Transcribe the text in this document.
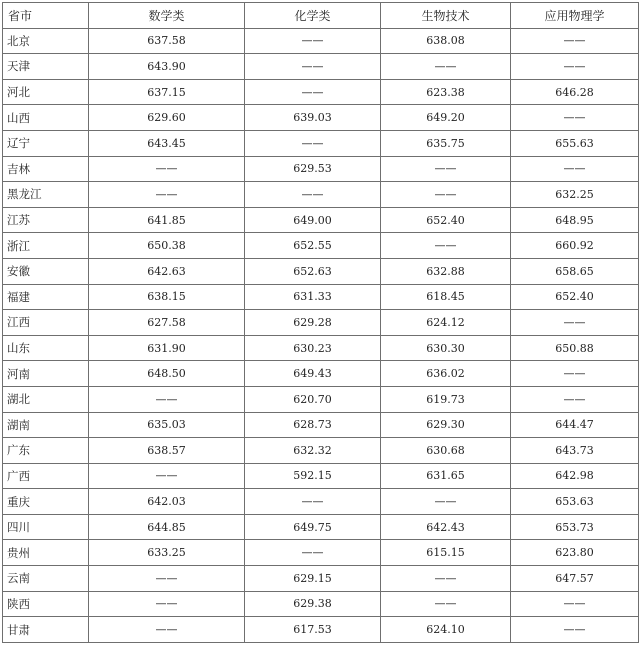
省市	数学类	化学类	生物技术	应用物理学
北京	637.58	——	638.08	——
天津	643.90	——	——	——
河北	637.15	——	623.38	646.28
山西	629.60	639.03	649.20	——
辽宁	643.45	——	635.75	655.63
吉林	——	629.53	——	——
黑龙江	——	——	——	632.25
江苏	641.85	649.00	652.40	648.95
浙江	650.38	652.55	——	660.92
安徽	642.63	652.63	632.88	658.65
福建	638.15	631.33	618.45	652.40
江西	627.58	629.28	624.12	——
山东	631.90	630.23	630.30	650.88
河南	648.50	649.43	636.02	——
湖北	——	620.70	619.73	——
湖南	635.03	628.73	629.30	644.47
广东	638.57	632.32	630.68	643.73
广西	——	592.15	631.65	642.98
重庆	642.03	——	——	653.63
四川	644.85	649.75	642.43	653.73
贵州	633.25	——	615.15	623.80
云南	——	629.15	——	647.57
陕西	——	629.38	——	——
甘肃	——	617.53	624.10	——
